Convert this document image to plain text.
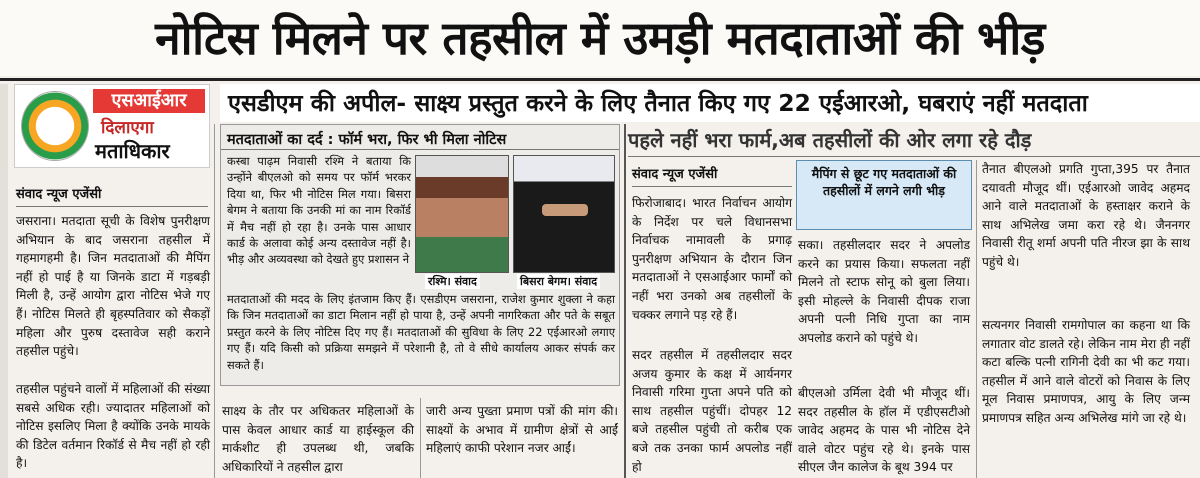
नोटिस मिलने पर तहसील में उमड़ी मतदाताओं की भीड़
एसआईआर
दिलाएगा
मताधिकार
एसडीएम की अपील- साक्ष्य प्रस्तुत करने के लिए तैनात किए गए 22 एईआरओ, घबराएं नहीं मतदाता
संवाद न्यूज एजेंसी
जसराना। मतदाता सूची के विशेष पुनरीक्षण अभियान के बाद जसराना तहसील में गहमागहमी है। जिन मतदाताओं की मैपिंग नहीं हो पाई है या जिनके डाटा में गड़बड़ी मिली है, उन्हें आयोग द्वारा नोटिस भेजे गए हैं। नोटिस मिलते ही बृहस्पतिवार को सैकड़ों महिला और पुरुष दस्तावेज सही कराने तहसील पहुंचे।
तहसील पहुंचने वालों में महिलाओं की संख्या सबसे अधिक रही। ज्यादातर महिलाओं को नोटिस इसलिए मिला है क्योंकि उनके मायके की डिटेल वर्तमान रिकॉर्ड से मैच नहीं हो रही है।
मतदाताओं का दर्द : फॉर्म भरा, फिर भी मिला नोटिस
कस्बा पाढ़म निवासी रश्मि ने बताया कि उन्होंने बीएलओ को समय पर फॉर्म भरकर दिया था, फिर भी नोटिस मिल गया। बिसरा बेगम ने बताया कि उनकी मां का नाम रिकॉर्ड में मैच नहीं हो रहा है। उनके पास आधार कार्ड के अलावा कोई अन्य दस्तावेज नहीं है। भीड़ और अव्यवस्था को देखते हुए प्रशासन ने
रश्मि। संवाद	बिसरा बेगम। संवाद
मतदाताओं की मदद के लिए इंतजाम किए हैं। एसडीएम जसराना, राजेश कुमार शुक्ला ने कहा कि जिन मतदाताओं का डाटा मिलान नहीं हो पाया है, उन्हें अपनी नागरिकता और पते के सबूत प्रस्तुत करने के लिए नोटिस दिए गए हैं। मतदाताओं की सुविधा के लिए 22 एईआरओ लगाए गए हैं। यदि किसी को प्रक्रिया समझने में परेशानी है, तो वे सीधे कार्यालय आकर संपर्क कर सकते हैं।
साक्ष्य के तौर पर अधिकतर महिलाओं के पास केवल आधार कार्ड या हाईस्कूल की मार्कशीट ही उपलब्ध थी, जबकि अधिकारियों ने तहसील द्वारा
जारी अन्य पुख्ता प्रमाण पत्रों की मांग की। साक्ष्यों के अभाव में ग्रामीण क्षेत्रों से आईं महिलाएं काफी परेशान नजर आईं।
पहले नहीं भरा फार्म,अब तहसीलों की ओर लगा रहे दौड़
संवाद न्यूज एजेंसी
फिरोजाबाद। भारत निर्वाचन आयोग के निर्देश पर चले विधानसभा निर्वाचक नामावली के प्रगाढ़ पुनरीक्षण अभियान के दौरान जिन मतदाताओं ने एसआईआर फार्मों को नहीं भरा उनको अब तहसीलों के चक्कर लगाने पड़ रहे हैं।
सदर तहसील में तहसीलदार सदर अजय कुमार के कक्ष में आर्यनगर निवासी गरिमा गुप्ता अपने पति को साथ तहसील पहुंचीं। दोपहर 12 बजे तहसील पहुंची तो करीब एक बजे तक उनका फार्म अपलोड नहीं हो
मैपिंग से छूट गए मतदाताओं की तहसीलों में लगने लगी भीड़
सका। तहसीलदार सदर ने अपलोड करने का प्रयास किया। सफलता नहीं मिलने तो स्टाफ सोनू को बुला लिया। इसी मोहल्ले के निवासी दीपक राजा अपनी पत्नी निधि गुप्ता का नाम अपलोड कराने को पहुंचे थे।
बीएलओ उर्मिला देवी भी मौजूद थीं। सदर तहसील के हॉल में एडीएसटीओ जावेद अहमद के पास भी नोटिस देने वाले वोटर पहुंच रहे थे। इनके पास सीएल जैन कालेज के बूथ 394 पर
तैनात बीएलओ प्रगति गुप्ता,395 पर तैनात दयावती मौजूद थीं। एईआरओ जावेद अहमद आने वाले मतदाताओं के हस्ताक्षर कराने के साथ अभिलेख जमा करा रहे थे। जैननगर निवासी रीतू शर्मा अपनी पति नीरज झा के साथ पहुंचे थे।
सत्यनगर निवासी रामगोपाल का कहना था कि लगातार वोट डालते रहे। लेकिन नाम मेरा ही नहीं कटा बल्कि पत्नी रागिनी देवी का भी कट गया। तहसील में आने वाले वोटरों को निवास के लिए मूल निवास प्रमाणपत्र, आयु के लिए जन्म प्रमाणपत्र सहित अन्य अभिलेख मांगे जा रहे थे।
